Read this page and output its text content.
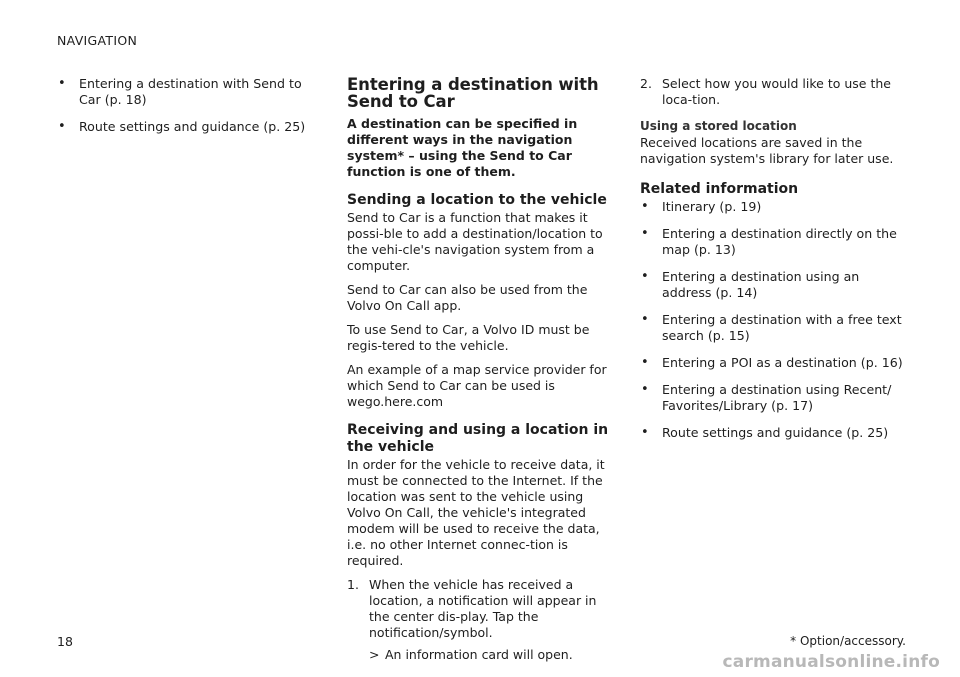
NAVIGATION
• Entering a destination with Send to Car (p. 18)
• Route settings and guidance (p. 25)
Entering a destination with Send to Car
A destination can be specified in different ways in the navigation system* – using the Send to Car function is one of them.
Sending a location to the vehicle

Send to Car is a function that makes it possi-ble to add a destination/location to the vehi-cle's navigation system from a computer.

Send to Car can also be used from the Volvo On Call app.

To use Send to Car, a Volvo ID must be regis-tered to the vehicle.

An example of a map service provider for which Send to Car can be used is wego.here.com

Receiving and using a location in the vehicle

In order for the vehicle to receive data, it must be connected to the Internet. If the location was sent to the vehicle using Volvo On Call, the vehicle's integrated modem will be used to receive the data, i.e. no other Internet connec-tion is required.

1. When the vehicle has received a location, a notification will appear in the center dis-play. Tap the notification/symbol.
> An information card will open.
2. Select how you would like to use the loca-tion.
Using a stored location

Received locations are saved in the navigation system's library for later use.

Related information
• Itinerary (p. 19)
• Entering a destination directly on the map (p. 13)
• Entering a destination using an address (p. 14)
• Entering a destination with a free text search (p. 15)
• Entering a POI as a destination (p. 16)
• Entering a destination using Recent/ Favorites/Library (p. 17)
• Route settings and guidance (p. 25)
18	* Option/accessory.
carmanualsonline.info
